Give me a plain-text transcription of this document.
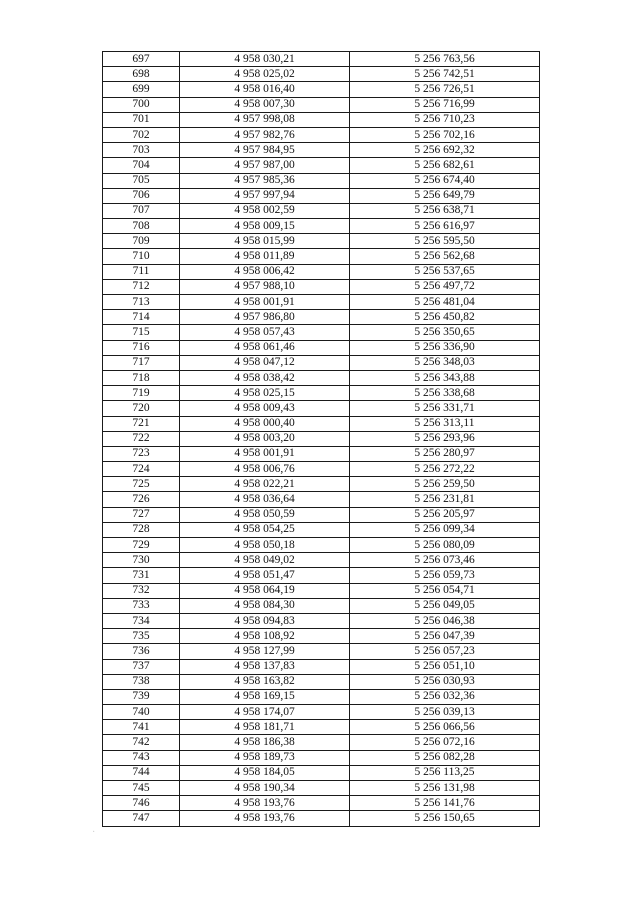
697	4 958 030,21	5 256 763,56
698	4 958 025,02	5 256 742,51
699	4 958 016,40	5 256 726,51
700	4 958 007,30	5 256 716,99
701	4 957 998,08	5 256 710,23
702	4 957 982,76	5 256 702,16
703	4 957 984,95	5 256 692,32
704	4 957 987,00	5 256 682,61
705	4 957 985,36	5 256 674,40
706	4 957 997,94	5 256 649,79
707	4 958 002,59	5 256 638,71
708	4 958 009,15	5 256 616,97
709	4 958 015,99	5 256 595,50
710	4 958 011,89	5 256 562,68
711	4 958 006,42	5 256 537,65
712	4 957 988,10	5 256 497,72
713	4 958 001,91	5 256 481,04
714	4 957 986,80	5 256 450,82
715	4 958 057,43	5 256 350,65
716	4 958 061,46	5 256 336,90
717	4 958 047,12	5 256 348,03
718	4 958 038,42	5 256 343,88
719	4 958 025,15	5 256 338,68
720	4 958 009,43	5 256 331,71
721	4 958 000,40	5 256 313,11
722	4 958 003,20	5 256 293,96
723	4 958 001,91	5 256 280,97
724	4 958 006,76	5 256 272,22
725	4 958 022,21	5 256 259,50
726	4 958 036,64	5 256 231,81
727	4 958 050,59	5 256 205,97
728	4 958 054,25	5 256 099,34
729	4 958 050,18	5 256 080,09
730	4 958 049,02	5 256 073,46
731	4 958 051,47	5 256 059,73
732	4 958 064,19	5 256 054,71
733	4 958 084,30	5 256 049,05
734	4 958 094,83	5 256 046,38
735	4 958 108,92	5 256 047,39
736	4 958 127,99	5 256 057,23
737	4 958 137,83	5 256 051,10
738	4 958 163,82	5 256 030,93
739	4 958 169,15	5 256 032,36
740	4 958 174,07	5 256 039,13
741	4 958 181,71	5 256 066,56
742	4 958 186,38	5 256 072,16
743	4 958 189,73	5 256 082,28
744	4 958 184,05	5 256 113,25
745	4 958 190,34	5 256 131,98
746	4 958 193,76	5 256 141,76
747	4 958 193,76	5 256 150,65
·
